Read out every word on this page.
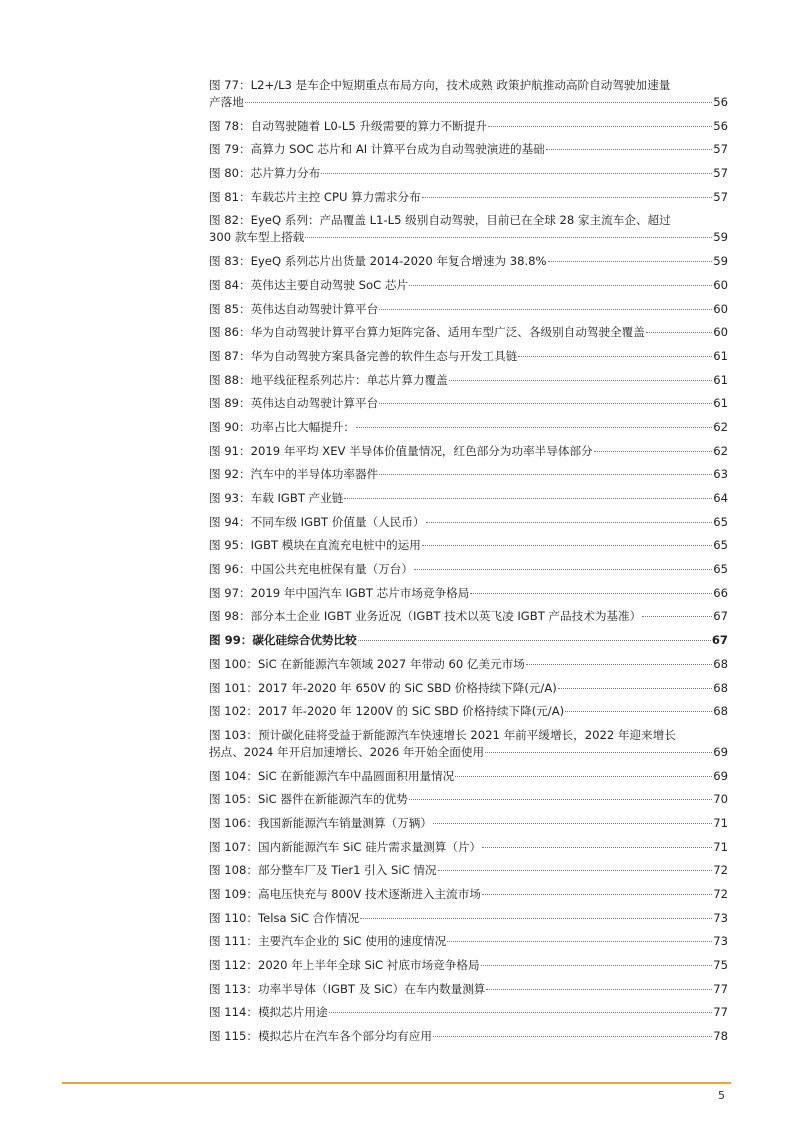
图 77：L2+/L3 是车企中短期重点布局方向，技术成熟 政策护航推动高阶自动驾驶加速量
产落地	56
图 78：自动驾驶随着 L0-L5 升级需要的算力不断提升	56
图 79：高算力 SOC 芯片和 AI 计算平台成为自动驾驶演进的基础	57
图 80：芯片算力分布	57
图 81：车载芯片主控 CPU 算力需求分布	57
图 82：EyeQ 系列：产品覆盖 L1-L5 级别自动驾驶，目前已在全球 28 家主流车企、超过
300 款车型上搭载	59
图 83：EyeQ 系列芯片出货量 2014-2020 年复合增速为 38.8%	59
图 84：英伟达主要自动驾驶 SoC 芯片	60
图 85：英伟达自动驾驶计算平台	60
图 86：华为自动驾驶计算平台算力矩阵完备、适用车型广泛、各级别自动驾驶全覆盖	60
图 87：华为自动驾驶方案具备完善的软件生态与开发工具链	61
图 88：地平线征程系列芯片：单芯片算力覆盖	61
图 89：英伟达自动驾驶计算平台	61
图 90：功率占比大幅提升：	62
图 91：2019 年平均 XEV 半导体价值量情况，红色部分为功率半导体部分	62
图 92：汽车中的半导体功率器件	63
图 93：车载 IGBT 产业链	64
图 94：不同车级 IGBT 价值量（人民币）	65
图 95：IGBT 模块在直流充电桩中的运用	65
图 96：中国公共充电桩保有量（万台）	65
图 97：2019 年中国汽车 IGBT 芯片市场竞争格局	66
图 98：部分本土企业 IGBT 业务近况（IGBT 技术以英飞凌 IGBT 产品技术为基准）	67
图 99：碳化硅综合优势比较	67
图 100：SiC 在新能源汽车领域 2027 年带动 60 亿美元市场	68
图 101：2017 年-2020 年 650V 的 SiC SBD 价格持续下降(元/A)	68
图 102：2017 年-2020 年 1200V 的 SiC SBD 价格持续下降(元/A)	68
图 103：预计碳化硅将受益于新能源汽车快速增长 2021 年前平缓增长，2022 年迎来增长
拐点、2024 年开启加速增长、2026 年开始全面使用	69
图 104：SiC 在新能源汽车中晶圆面积用量情况	69
图 105：SiC 器件在新能源汽车的优势	70
图 106：我国新能源汽车销量测算（万辆）	71
图 107：国内新能源汽车 SiC 硅片需求量测算（片）	71
图 108：部分整车厂及 Tier1 引入 SiC 情况	72
图 109：高电压快充与 800V 技术逐渐进入主流市场	72
图 110：Telsa SiC 合作情况	73
图 111：主要汽车企业的 SiC 使用的速度情况	73
图 112：2020 年上半年全球 SiC 衬底市场竞争格局	75
图 113：功率半导体（IGBT 及 SiC）在车内数量测算	77
图 114：模拟芯片用途	77
图 115：模拟芯片在汽车各个部分均有应用	78
5
